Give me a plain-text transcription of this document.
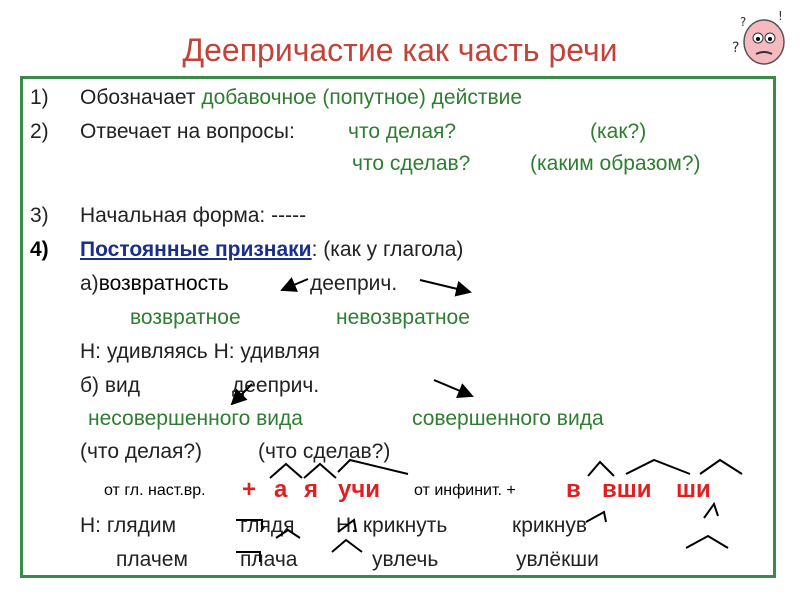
Деепричастие как часть речи	?
?	!
1) Обозначает добавочное (попутное) действие
2) Отвечает на вопросы:	что делая?	(как?)
что сделав?	(каким образом?)
3) Начальная форма: -----
4) Постоянные признаки: (как у глагола)
а)возвратность	дееприч.
возвратное	невозвратное
Н: удивляясь Н: удивляя
б) вид	дееприч.
несовершенного вида	совершенного вида
(что делая?)	(что сделав?)
от гл. наст.вр. + а я учи от инфинит. + в вши ши
Н: глядим	глядя Н: крикнуть	крикнув
плачем плача	увлечь	увлёкши
